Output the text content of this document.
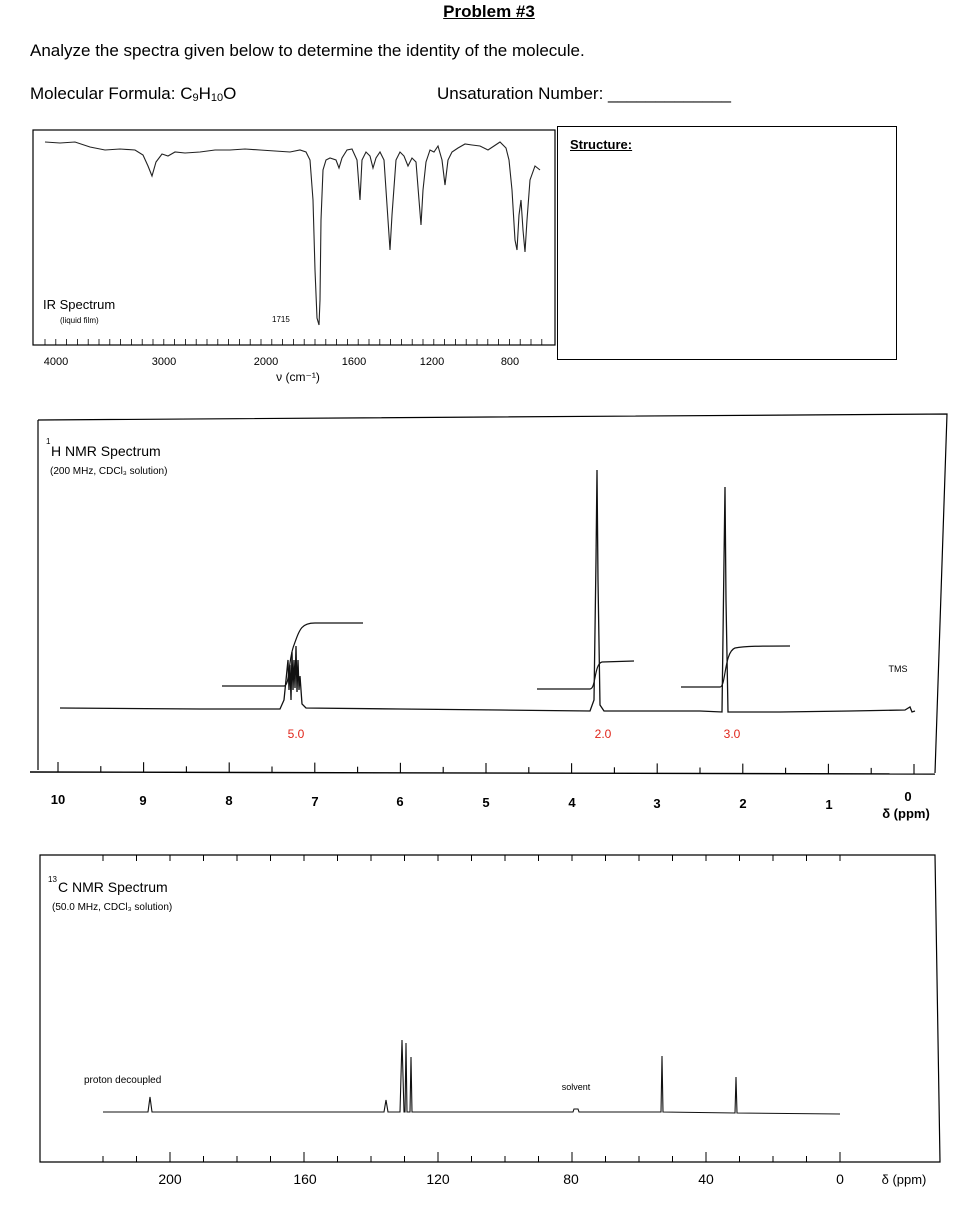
Problem #3
Analyze the spectra given below to determine the identity of the molecule.
Molecular Formula: $C_9H_{10}O$	Unsaturation Number: _____________
Structure:
IR Spectrum
(liquid film)	1715
4000	3000	2000	1600	1200	800
ν (cm⁻¹)
1
H NMR Spectrum
(200 MHz, CDCl₃ solution)
5.0	2.0	3.0
TMS
10	9	8	7	6	5	4	3	2	1
0
δ (ppm)
13 C NMR Spectrum
(50.0 MHz, CDCl₃ solution)
proton decoupled
solvent
200	160	120	80	40	0	δ (ppm)
